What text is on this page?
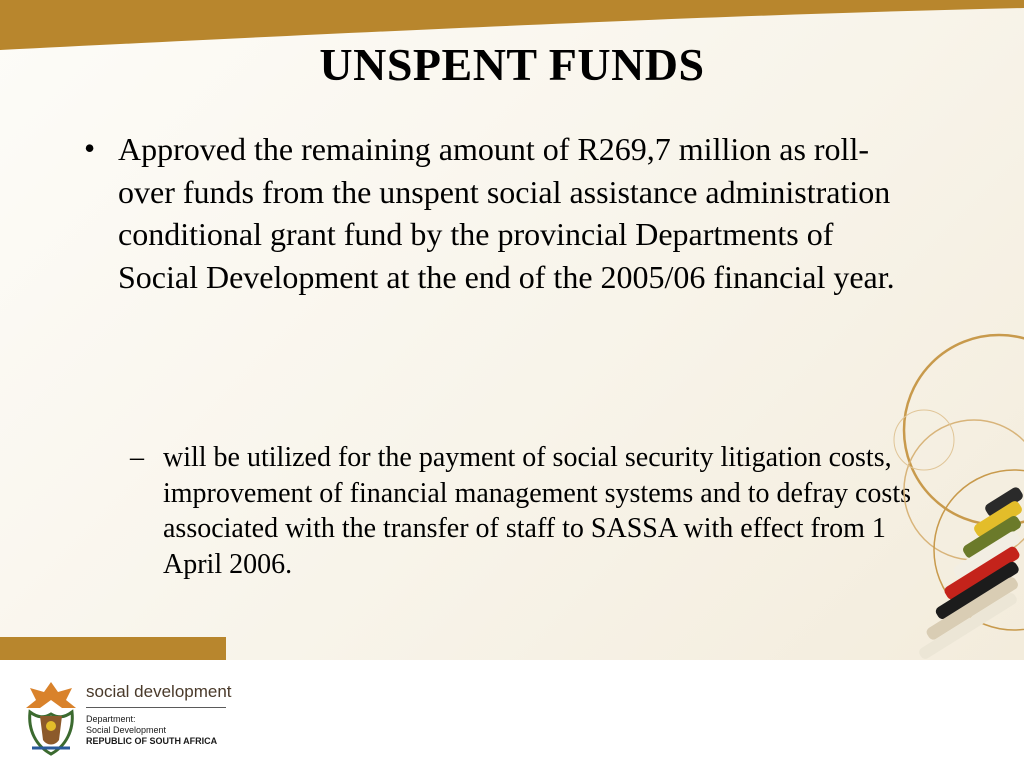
UNSPENT FUNDS
• Approved the remaining amount of R269,7 million as roll-over funds from the unspent social assistance administration conditional grant fund by the provincial Departments of Social Development at the end of the 2005/06 financial year.
– will be utilized for the payment of social security litigation costs, improvement of financial management systems and to defray costs associated with the transfer of staff to SASSA with effect from 1 April 2006.
social development
Department:
Social Development
REPUBLIC OF SOUTH AFRICA
